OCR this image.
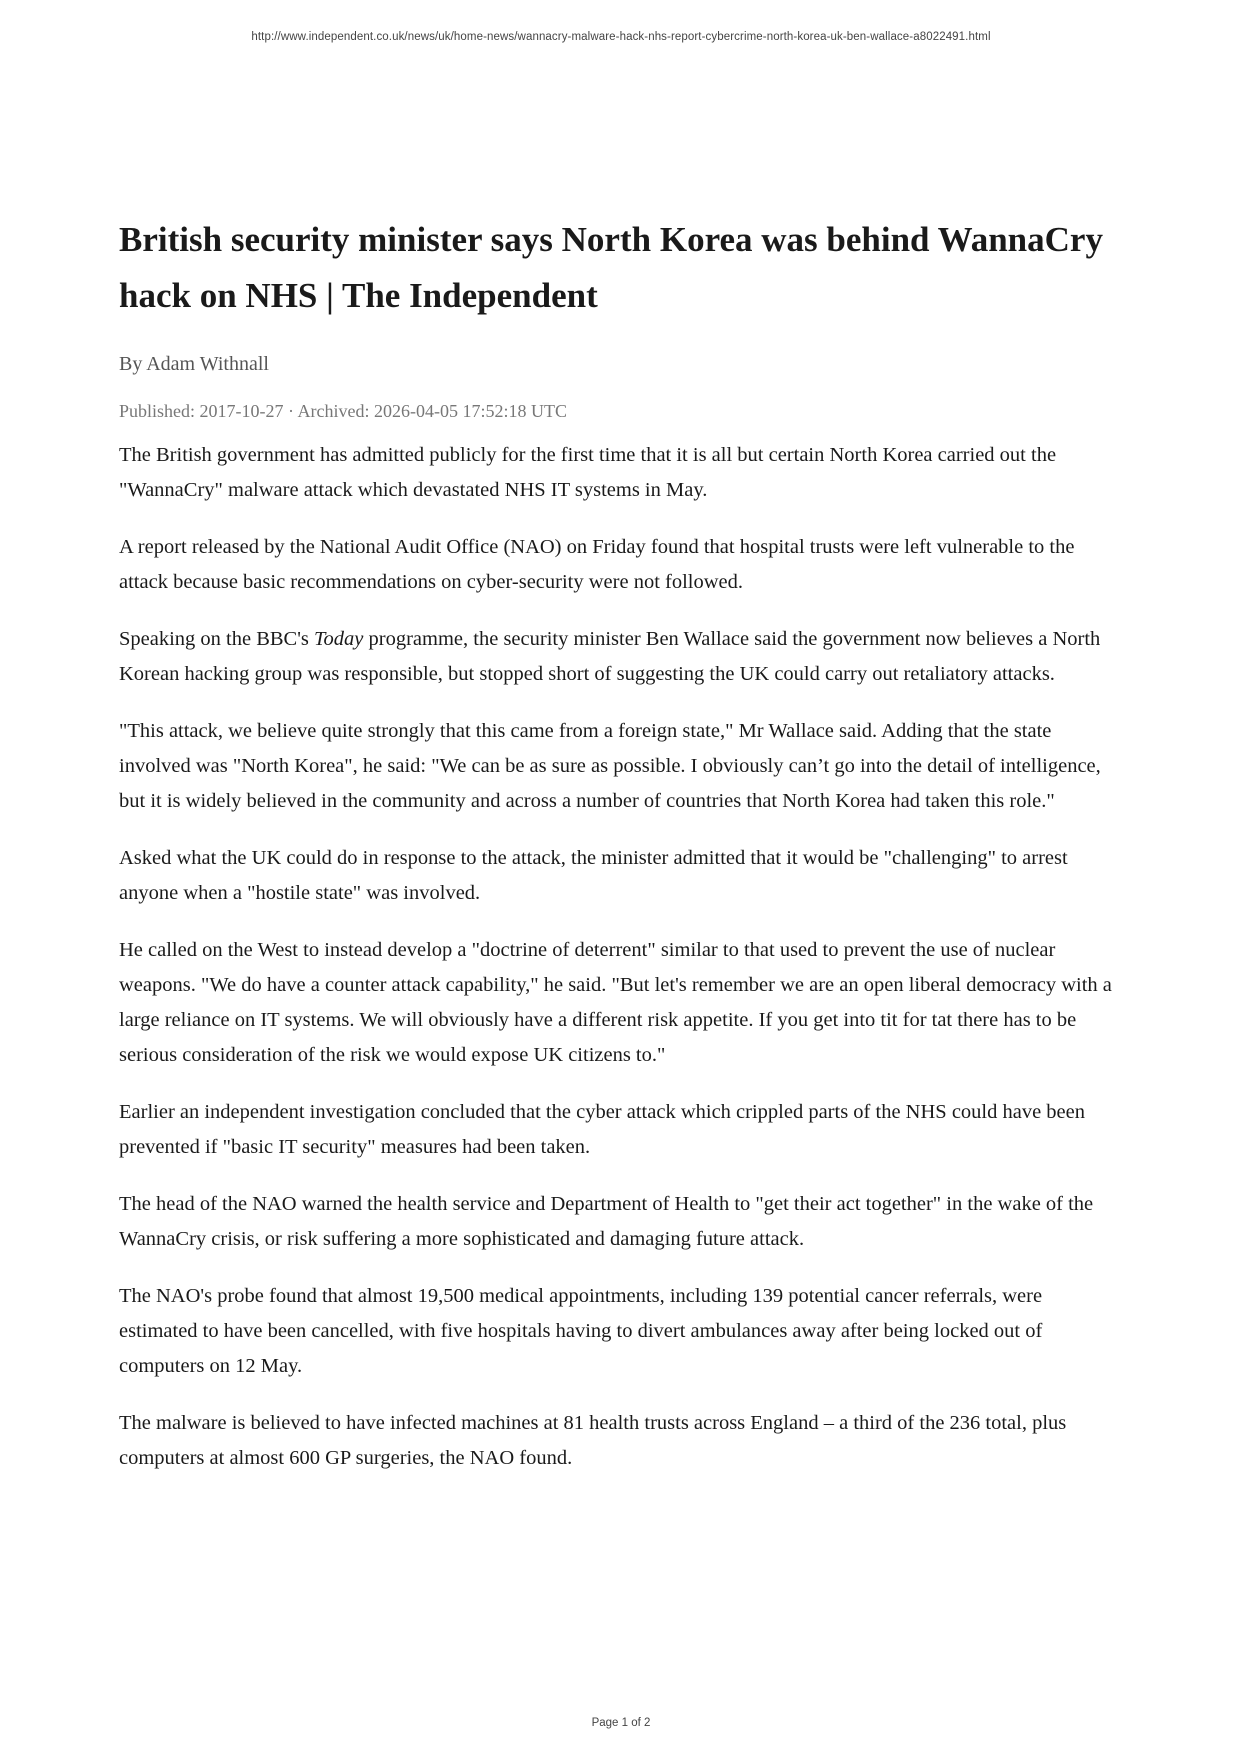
http://www.independent.co.uk/news/uk/home-news/wannacry-malware-hack-nhs-report-cybercrime-north-korea-uk-ben-wallace-a8022491.html
British security minister says North Korea was behind WannaCry hack on NHS | The Independent
By Adam Withnall
Published: 2017-10-27 · Archived: 2026-04-05 17:52:18 UTC

The British government has admitted publicly for the first time that it is all but certain North Korea carried out the "WannaCry" malware attack which devastated NHS IT systems in May.

A report released by the National Audit Office (NAO) on Friday found that hospital trusts were left vulnerable to the attack because basic recommendations on cyber-security were not followed.

Speaking on the BBC's Today programme, the security minister Ben Wallace said the government now believes a North Korean hacking group was responsible, but stopped short of suggesting the UK could carry out retaliatory attacks.

"This attack, we believe quite strongly that this came from a foreign state," Mr Wallace said. Adding that the state involved was "North Korea", he said: "We can be as sure as possible. I obviously can’t go into the detail of intelligence, but it is widely believed in the community and across a number of countries that North Korea had taken this role."

Asked what the UK could do in response to the attack, the minister admitted that it would be "challenging" to arrest anyone when a "hostile state" was involved.

He called on the West to instead develop a "doctrine of deterrent" similar to that used to prevent the use of nuclear weapons. "We do have a counter attack capability," he said. "But let's remember we are an open liberal democracy with a large reliance on IT systems. We will obviously have a different risk appetite. If you get into tit for tat there has to be serious consideration of the risk we would expose UK citizens to."

Earlier an independent investigation concluded that the cyber attack which crippled parts of the NHS could have been prevented if "basic IT security" measures had been taken.

The head of the NAO warned the health service and Department of Health to "get their act together" in the wake of the WannaCry crisis, or risk suffering a more sophisticated and damaging future attack.

The NAO's probe found that almost 19,500 medical appointments, including 139 potential cancer referrals, were estimated to have been cancelled, with five hospitals having to divert ambulances away after being locked out of computers on 12 May.

The malware is believed to have infected machines at 81 health trusts across England – a third of the 236 total, plus computers at almost 600 GP surgeries, the NAO found.

Page 1 of 2
